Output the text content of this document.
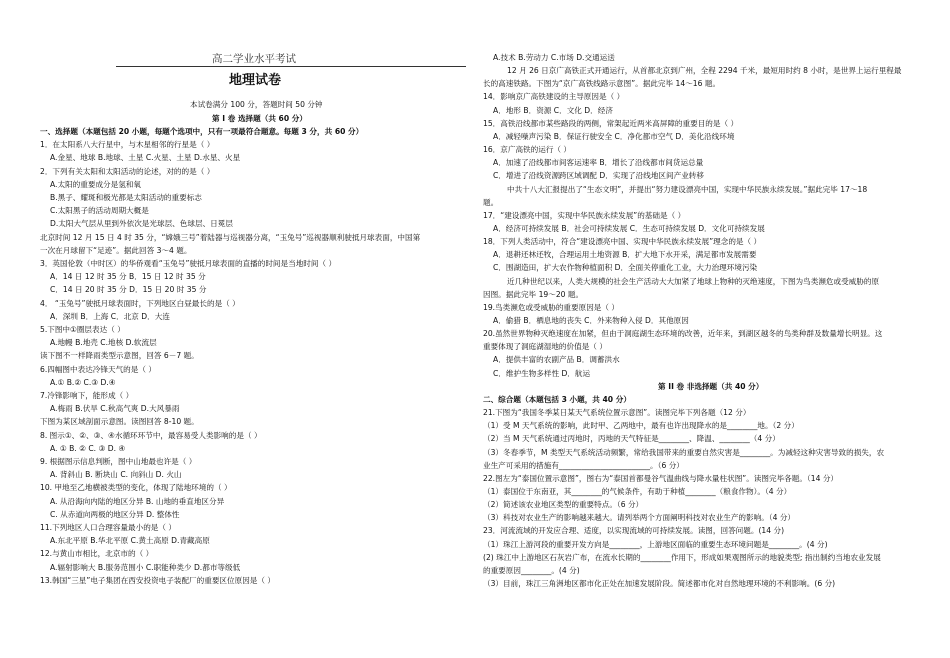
高二学业水平考试
地理试卷
本试卷满分 100 分，答题时间 50 分钟
第 I 卷 选择题（共 60 分）
一、选择题（本题包括 20 小题，每题个选项中，只有一项最符合题意。每题 3 分，共 60 分）
1．在太阳系八大行星中，与木星相邻的行星是（ ）
A.金星、地球 B.地球、土星 C.火星、土星 D.水星、火星
2．下列有关太阳和太阳活动的论述，对的的是（ ）
A.太阳的重要成分是氢和氧
B.黑子、耀斑和极光都是太阳活动的重要标志
C.太阳黑子的活动周期大概是
D.太阳大气层从里到外依次是光球层、色球层、日冕层
北京时间 12 月 15 日 4 时 35 分，“嫦娥三号”着陆器与巡视器分离，“玉兔号”巡视器顺利驶抵月球表面，中国第
一次在月球留下“足迹”。据此回答 3～4 题。
3．英国伦敦（中时区）的华侨观看“玉兔号”驶抵月球表面的直播的时间是当地时间（ ）
A．14 日 12 时 35 分 B．15 日 12 时 35 分
C．14 日 20 时 35 分 D．15 日 20 时 35 分
4． “玉兔号”驶抵月球表面时，下列地区白昼最长的是（ ）
A．深圳 B．上海 C．北京 D．大连
5.下图中①圈层表达（ ）
A.地幔 B.地壳 C.地核 D.软流层
读下图不一样降雨类型示意图，回答 6－7 题。
6.四幅图中表达冷锋天气的是（ ）
A.① B.② C.③ D.④
7.冷锋影响下，能形成（ ）
A.梅雨 B.伏旱 C.秋高气爽 D.大风暴雨
下图为某区域剖面示意图。读图回答 8-10 题。
8. 图示①、②、③、④水循环环节中，最容易受人类影响的是（ ）
A. ① B. ② C. ③ D. ④
9. 根据图示信息判断，图中山地最也许是（ ）
A. 背斜山 B. 断块山 C. 向斜山 D. 火山
10. 甲地至乙地横被类型的变化，体现了陆地环境的（ ）
A. 从沿海向内陆的地区分异 B. 山地的垂直地区分异
C. 从赤道向两极的地区分异 D. 整体性
11.下列地区人口合理容量最小的是（ ）
A.东北平原 B.华北平原 C.黄土高原 D.青藏高原
12.与黄山市相比，北京市的（ ）
A.辐射影响大 B.服务范围小 C.职能种类少 D.都市等级低
13.韩国“三星”电子集团在西安投资电子装配厂的重要区位原因是（ ）
A.技术 B.劳动力 C.市场 D.交通运送
12 月 26 日京广高铁正式开通运行，从首都北京到广州，全程 2294 千米，最短用时约 8 小时，是世界上运行里程最
长的高速铁路。下图为“京广高铁线路示意图”。据此完毕 14～16 题。
14．影响京广高铁建设的主导原因是（ ）
A．地形 B．资源 C．文化 D．经济
15．高铁沿线都市某些路段的两侧，常架起近两米高屏障的重要目的是（ ）
A．减轻噪声污染 B．保证行驶安全 C．净化都市空气 D．美化沿线环境
16．京广高铁的运行（ ）
A．加速了沿线都市间客运速率 B．增长了沿线都市间货运总量
C．增进了沿线资源跨区域调配 D．实现了沿线地区间产业转移
中共十八大汇报提出了“生态文明”，并提出“努力建设漂亮中国，实现中华民族永续发展。”据此完毕 17～18
题。
17．“建设漂亮中国，实现中华民族永续发展”的基础是（ ）
A．经济可持续发展 B．社会可持续发展 C．生态可持续发展 D．文化可持续发展
18．下列人类活动中，符合“建设漂亮中国、实现中华民族永续发展”理念的是（ ）
A．退耕还林还牧，合理运用土地资源 B．扩大地下水开采，满足都市发展需要
C．围湖造田，扩大农作物种植面积 D．全面关停重化工业，大力治理环境污染
近几种世纪以来，人类大规模的社会生产活动大大加紧了地球上物种的灭绝速度，下图为鸟类濒危或受威胁的原
因图。据此完毕 19～20 题。
19.鸟类濒危或受威胁的重要原因是（ ）
A．偷猎 B．栖息地的丧失 C．外来物种入侵 D．其他原因
20.虽然世界物种灭绝速度在加紧，但由于洞庭湖生态环境的改善，近年来，到湖区越冬的鸟类种群及数量增长明显。这
重要体现了洞庭湖湿地的价值是（ ）
A．提供丰富的农副产品 B．调蓄洪水
C．维护生物多样性 D．航运
第 II 卷 非选择题（共 40 分）
二、综合题（本题包括 3 小题，共 40 分）
21.下图为“我国冬季某日某天气系统位置示意图”。读图完毕下列各题（12 分）
（1）受 M 天气系统的影响，此时甲、乙两地中，最有也许出现降水的是________地。（2 分）
（2）当 M 天气系统通过丙地时，丙地的天气特征是________、降温、________（4 分）
（3）冬春季节，M 类型天气系统活动频繁，常给我国带来的重要自然灾害是________。为减轻这种灾害导致的损失，农
业生产可采用的措施有________________________。（6 分）
22.图左为“泰国位置示意图”，图右为“泰国首都曼谷气温曲线与降水量柱状图”。读图完毕各题。（14 分）
（1）泰国位于东南亚，其________的气候条件，有助于种植________（粮食作物）。（4 分）
（2）简述该农业地区类型的重要特点。（6 分）
（3）科技对农业生产的影响越来越大。请列举两个方面阐明科技对农业生产的影响。（4 分）
23．河流流域的开发应合理、适度，以实现流域的可持续发展。读图，回答问题。(14 分)
（1）珠江上游河段的重要开发方向是________，上游地区面临的重要生态环境问题是________。(4 分)
(2) 珠江中上游地区石灰岩广布，在流水长期的________作用下，形成如果观图所示的地貌类型; 指出制约当地农业发展
的重要原因________。(4 分)
（3）目前，珠江三角洲地区都市化正处在加速发展阶段。简述都市化对自然地理环境的不利影响。(6 分)
